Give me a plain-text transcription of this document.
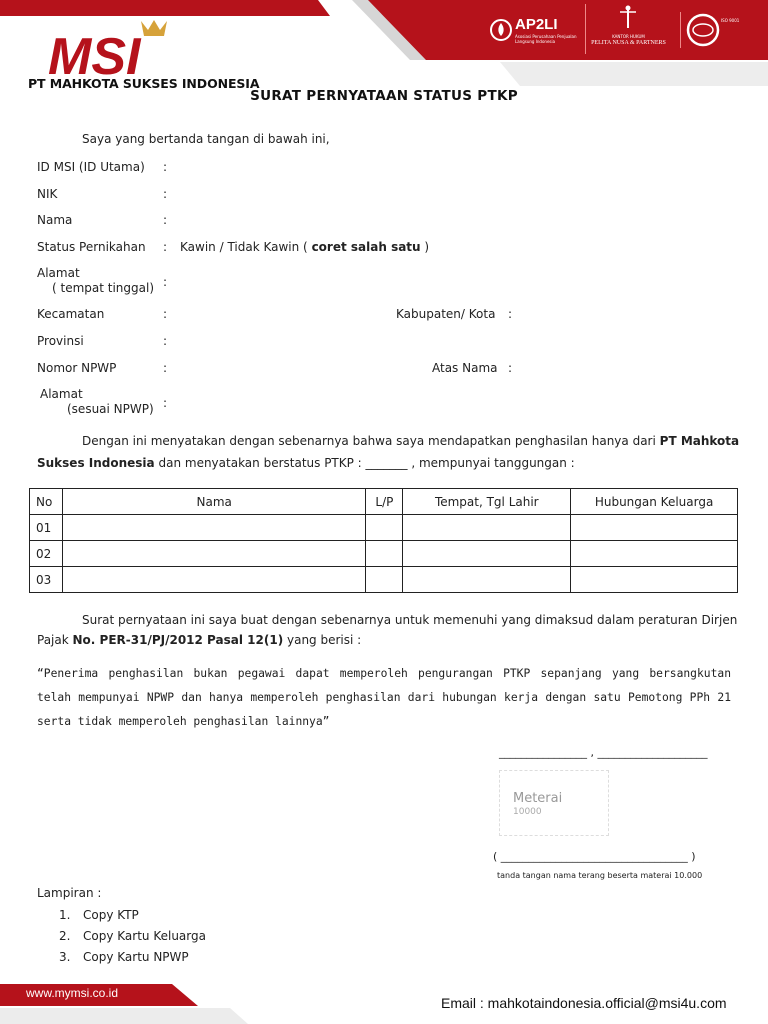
MSI
PT MAHKOTA SUKSES INDONESIA
AP2LI
Asosiasi Perusahaan Penjualan Langsung Indonesia
KANTOR HUKUM
PELITA NUSA & PARTNERS
ISO 9001
SURAT PERNYATAAN STATUS PTKP
Saya yang bertanda tangan di bawah ini,
ID MSI (ID Utama) :
NIK	:
Nama	:
Status Pernikahan : Kawin / Tidak Kawin ( coret salah satu )
Alamat
( tempat tinggal) :
Kecamatan	:	Kabupaten/ Kota :
Provinsi	:
Nomor NPWP	:	Atas Nama :
Alamat
(sesuai NPWP) :
Dengan ini menyatakan dengan sebenarnya bahwa saya mendapatkan penghasilan hanya dari PT Mahkota
Sukses Indonesia dan menyatakan berstatus PTKP : _______ , mempunyai tanggungan :
No	Nama	L/P	Tempat, Tgl Lahir	Hubungan Keluarga
01				
02				
03				
Surat pernyataan ini saya buat dengan sebenarnya untuk memenuhi yang dimaksud dalam peraturan Dirjen
Pajak No. PER-31/PJ/2012 Pasal 12(1) yang berisi :
“Penerima penghasilan bukan pegawai dapat memperoleh pengurangan PTKP sepanjang yang bersangkutan telah mempunyai NPWP dan hanya memperoleh penghasilan dari hubungan kerja dengan satu Pemotong PPh 21 serta tidak memperoleh penghasilan lainnya”
________________ , ____________________
Meterai
10000
( __________________________________ )
tanda tangan nama terang beserta materai 10.000
Lampiran :
1. Copy KTP
2. Copy Kartu Keluarga
3. Copy Kartu NPWP
www.mymsi.co.id
Email : mahkotaindonesia.official@msi4u.com
